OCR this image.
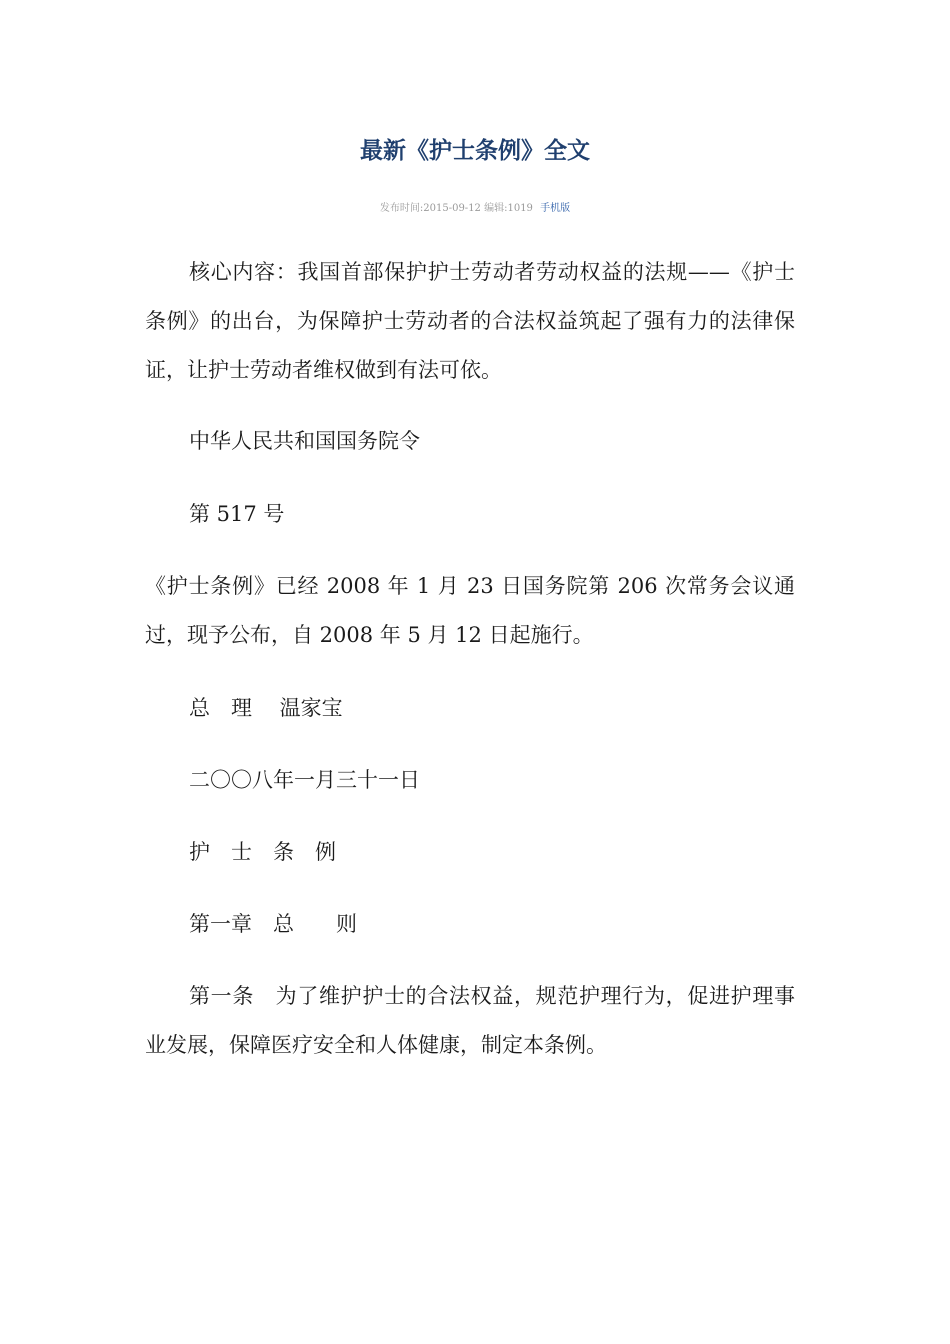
最新《护士条例》全文
发布时间:2015-09-12 编辑:1019 手机版

核心内容：我国首部保护护士劳动者劳动权益的法规——《护士条例》的出台，为保障护士劳动者的合法权益筑起了强有力的法律保证，让护士劳动者维权做到有法可依。

中华人民共和国国务院令

第 517 号

《护士条例》已经 2008 年 1 月 23 日国务院第 206 次常务会议通过，现予公布，自 2008 年 5 月 12 日起施行。

总　理　 温家宝

二〇〇八年一月三十一日

护　士　条　例

第一章　总　　则

第一条　为了维护护士的合法权益，规范护理行为，促进护理事业发展，保障医疗安全和人体健康，制定本条例。
